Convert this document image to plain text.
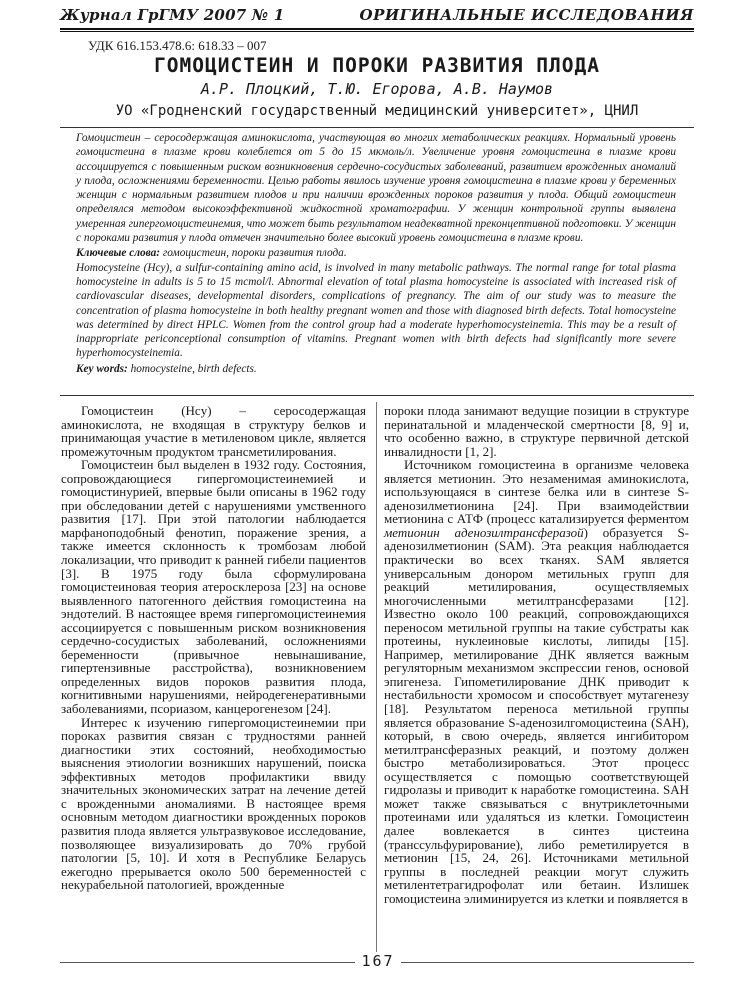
Журнал ГрГМУ 2007 № 1	ОРИГИНАЛЬНЫЕ ИССЛЕДОВАНИЯ
УДК 616.153.478.6: 618.33 – 007
ГОМОЦИСТЕИН И ПОРОКИ РАЗВИТИЯ ПЛОДА
А.Р. Плоцкий, Т.Ю. Егорова, А.В. Наумов
УО «Гродненский государственный медицинский университет», ЦНИЛ

Гомоцистеин – серосодержащая аминокислота, участвующая во многих метаболических реакциях. Нормальный уровень гомоцистеина в плазме крови колеблется от 5 до 15 мкмоль/л. Увеличение уровня гомоцистеина в плазме крови ассоциируется с повышенным риском возникновения сердечно-сосудистых заболеваний, развитием врожденных аномалий у плода, осложнениями беременности. Целью работы явилось изучение уровня гомоцистеина в плазме крови у беременных женщин с нормальным развитием плодов и при наличии врожденных пороков развития у плода. Общий гомоцистеин определялся методом высокоэффективной жидкостной хроматографии. У женщин контрольной группы выявлена умеренная гипергомоцистеинемия, что может быть результатом неадекватной преконцептивной подготовки. У женщин с пороками развития у плода отмечен значительно более высокий уровень гомоцистеина в плазме крови.

Ключевые слова: гомоцистеин, пороки развития плода.

Homocysteine (Hcy), a sulfur-containing amino acid, is involved in many metabolic pathways. The normal range for total plasma homocysteine in adults is 5 to 15 mcmol/l. Abnormal elevation of total plasma homocysteine is associated with increased risk of cardiovascular diseases, developmental disorders, complications of pregnancy. The aim of our study was to measure the concentration of plasma homocysteine in both healthy pregnant women and those with diagnosed birth defects. Total homocysteine was determined by direct HPLC. Women from the control group had a moderate hyperhomocysteinemia. This may be a result of inappropriate periconceptional consumption of vitamins. Pregnant women with birth defects had significantly more severe hyperhomocysteinemia.

Key words: homocysteine, birth defects.

Гомоцистеин (Hcy) – серосодержащая аминокислота, не входящая в структуру белков и принимающая участие в метиленовом цикле, является промежуточным продуктом трансметилирования.

Гомоцистеин был выделен в 1932 году. Состояния, сопровождающиеся гипергомоцистеинемией и гомоцистинурией, впервые были описаны в 1962 году при обследовании детей с нарушениями умственного развития [17]. При этой патологии наблюдается марфаноподобный фенотип, поражение зрения, а также имеется склонность к тромбозам любой локализации, что приводит к ранней гибели пациентов [3]. В 1975 году была сформулирована гомоцистеиновая теория атеросклероза [23] на основе выявленного патогенного действия гомоцистеина на эндотелий. В настоящее время гипергомоцистеинемия ассоциируется с повышенным риском возникновения сердечно-сосудистых заболеваний, осложнениями беременности (привычное невынашивание, гипертензивные расстройства), возникновением определенных видов пороков развития плода, когнитивными нарушениями, нейродегенеративными заболеваниями, псориазом, канцерогенезом [24].

Интерес к изучению гипергомоцистеинемии при пороках развития связан с трудностями ранней диагностики этих состояний, необходимостью выяснения этиологии возникших нарушений, поиска эффективных методов профилактики ввиду значительных экономических затрат на лечение детей с врожденными аномалиями. В настоящее время основным методом диагностики врожденных пороков развития плода является ультразвуковое исследование, позволяющее визуализировать до 70% грубой патологии [5, 10]. И хотя в Республике Беларусь ежегодно прерывается около 500 беременностей с некурабельной патологией, врожденные

пороки плода занимают ведущие позиции в структуре перинатальной и младенческой смертности [8, 9] и, что особенно важно, в структуре первичной детской инвалидности [1, 2].

Источником гомоцистеина в организме человека является метионин. Это незаменимая аминокислота, использующаяся в синтезе белка или в синтезе S-аденозилметионина [24]. При взаимодействии метионина с АТФ (процесс катализируется ферментом метионин аденозилтрансферазой) образуется S-аденозилметионин (SAM). Эта реакция наблюдается практически во всех тканях. SAM является универсальным донором метильных групп для реакций метилирования, осуществляемых многочисленными метилтрансферазами [12]. Известно около 100 реакций, сопровождающихся переносом метильной группы на такие субстраты как протеины, нуклеиновые кислоты, липиды [15]. Например, метилирование ДНК является важным регуляторным механизмом экспрессии генов, основой эпигенеза. Гипометилирование ДНК приводит к нестабильности хромосом и способствует мутагенезу [18]. Результатом переноса метильной группы является образование S-аденозилгомоцистеина (SAH), который, в свою очередь, является ингибитором метилтрансферазных реакций, и поэтому должен быстро метаболизироваться. Этот процесс осуществляется с помощью соответствующей гидролазы и приводит к наработке гомоцистеина. SAH может также связываться с внутриклеточными протеинами или удаляться из клетки. Гомоцистеин далее вовлекается в синтез цистеина (транссульфурирование), либо реметилируется в метионин [15, 24, 26]. Источниками метильной группы в последней реакции могут служить метилентетрагидрофолат или бетаин. Излишек гомоцистеина элиминируется из клетки и появляется в

167
